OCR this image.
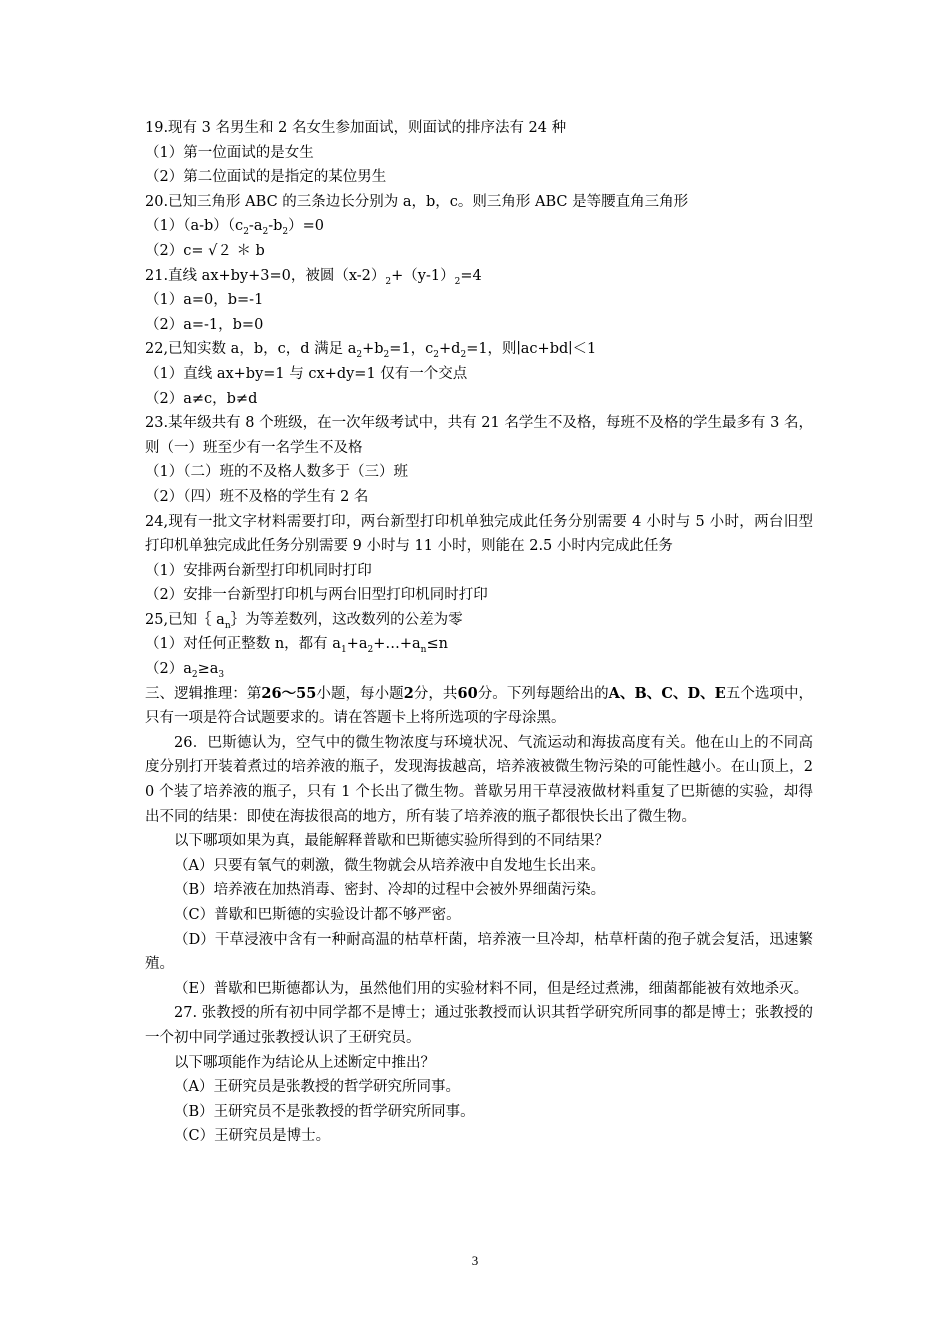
19.现有 3 名男生和 2 名女生参加面试，则面试的排序法有 24 种
（1）第一位面试的是女生
（2）第二位面试的是指定的某位男生
20.已知三角形 ABC 的三条边长分别为 a，b，c。则三角形 ABC 是等腰直角三角形
$(1)(a-b)(c_2-a_2-b_2)=0$
（2）c= √２ ＊ b
21.直线 ax+by+3=0，被圆$(x-2)_2+(y-1)_2=4$
（1）a=0，b=-1
（2）a=-1，b=0
22,已知实数 a，b，c，d 满足 $a_2+b_2=1$，$c_2+d_2=1$，则∣ac+bd∣＜1
（1）直线 ax+by=1 与 cx+dy=1 仅有一个交点
（2）a≠c，b≠d
23.某年级共有 8 个班级，在一次年级考试中，共有 21 名学生不及格，每班不及格的学生最多有 3 名，则（一）班至少有一名学生不及格
（1）（二）班的不及格人数多于（三）班
（2）（四）班不及格的学生有 2 名
24,现有一批文字材料需要打印，两台新型打印机单独完成此任务分别需要 4 小时与 5 小时，两台旧型打印机单独完成此任务分别需要 9 小时与 11 小时，则能在 2.5 小时内完成此任务
（1）安排两台新型打印机同时打印
（2）安排一台新型打印机与两台旧型打印机同时打印
25,已知｛ $a_n\}$为等差数列，这改数列的公差为零
（1）对任何正整数 n，都有 $a_1+a_2+\dots+a_n\le n$
$(2)a_2\ge a_3$
三、逻辑推理：第26～55小题，每小题2分，共60分。下列每题给出的A、B、C、D、E五个选项中，只有一项是符合试题要求的。请在答题卡上将所选项的字母涂黑。
26．巴斯德认为，空气中的微生物浓度与环境状况、气流运动和海拔高度有关。他在山上的不同高度分别打开装着煮过的培养液的瓶子，发现海拔越高，培养液被微生物污染的可能性越小。在山顶上，20 个装了培养液的瓶子，只有 1 个长出了微生物。普歇另用干草浸液做材料重复了巴斯德的实验，却得出不同的结果：即使在海拔很高的地方，所有装了培养液的瓶子都很快长出了微生物。
以下哪项如果为真，最能解释普歇和巴斯德实验所得到的不同结果？
（A）只要有氧气的刺激，微生物就会从培养液中自发地生长出来。
（B）培养液在加热消毒、密封、冷却的过程中会被外界细菌污染。
（C）普歇和巴斯德的实验设计都不够严密。
（D）干草浸液中含有一种耐高温的枯草杆菌，培养液一旦冷却，枯草杆菌的孢子就会复活，迅速繁殖。
（E）普歇和巴斯德都认为，虽然他们用的实验材料不同，但是经过煮沸，细菌都能被有效地杀灭。
27. 张教授的所有初中同学都不是博士；通过张教授而认识其哲学研究所同事的都是博士；张教授的一个初中同学通过张教授认识了王研究员。
以下哪项能作为结论从上述断定中推出？
（A）王研究员是张教授的哲学研究所同事。
（B）王研究员不是张教授的哲学研究所同事。
（C）王研究员是博士。
3
